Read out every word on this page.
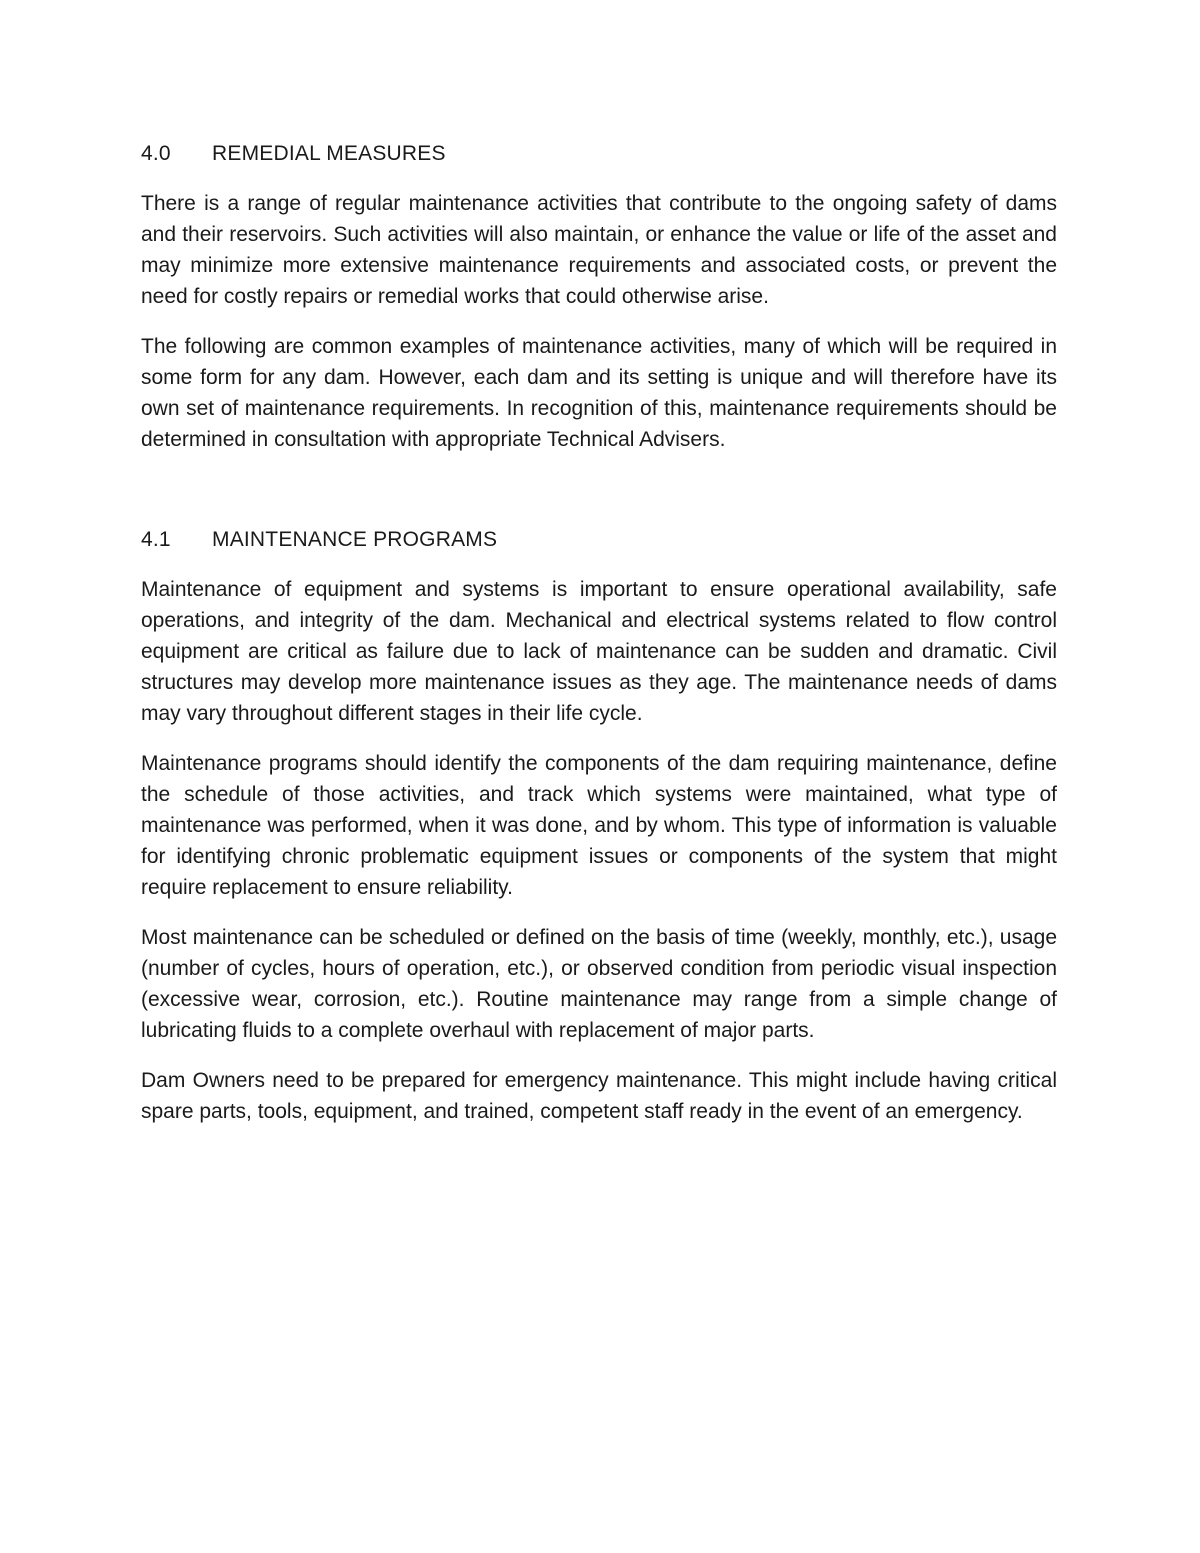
4.0 REMEDIAL MEASURES

There is a range of regular maintenance activities that contribute to the ongoing safety of dams and their reservoirs. Such activities will also maintain, or enhance the value or life of the asset and may minimize more extensive maintenance requirements and associated costs, or prevent the need for costly repairs or remedial works that could otherwise arise.

The following are common examples of maintenance activities, many of which will be required in some form for any dam. However, each dam and its setting is unique and will therefore have its own set of maintenance requirements. In recognition of this, maintenance requirements should be determined in consultation with appropriate Technical Advisers.

4.1 MAINTENANCE PROGRAMS

Maintenance of equipment and systems is important to ensure operational availability, safe operations, and integrity of the dam. Mechanical and electrical systems related to flow control equipment are critical as failure due to lack of maintenance can be sudden and dramatic. Civil structures may develop more maintenance issues as they age. The maintenance needs of dams may vary throughout different stages in their life cycle.

Maintenance programs should identify the components of the dam requiring maintenance, define the schedule of those activities, and track which systems were maintained, what type of maintenance was performed, when it was done, and by whom. This type of information is valuable for identifying chronic problematic equipment issues or components of the system that might require replacement to ensure reliability.

Most maintenance can be scheduled or defined on the basis of time (weekly, monthly, etc.), usage (number of cycles, hours of operation, etc.), or observed condition from periodic visual inspection (excessive wear, corrosion, etc.). Routine maintenance may range from a simple change of lubricating fluids to a complete overhaul with replacement of major parts.

Dam Owners need to be prepared for emergency maintenance. This might include having critical spare parts, tools, equipment, and trained, competent staff ready in the event of an emergency.
